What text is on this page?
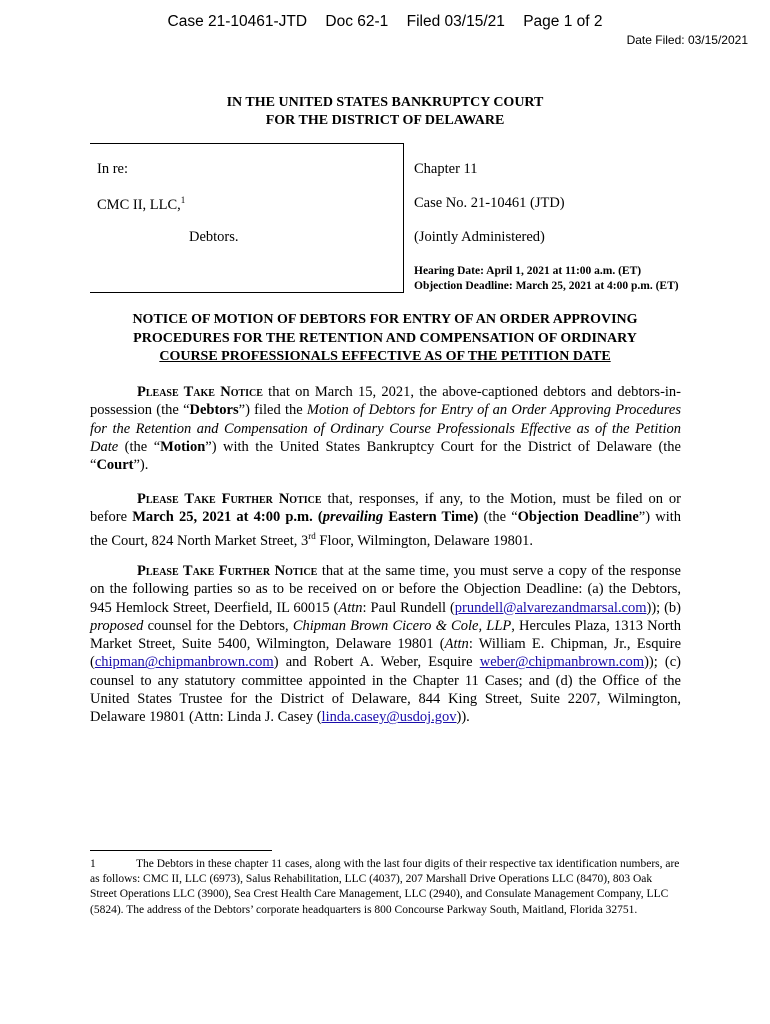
Case 21-10461-JTD Doc 62-1 Filed 03/15/21 Page 1 of 2
Date Filed: 03/15/2021
IN THE UNITED STATES BANKRUPTCY COURT
FOR THE DISTRICT OF DELAWARE
In re:
CMC II, LLC,$^1$
Debtors.
Chapter 11
Case No. 21-10461 (JTD)
(Jointly Administered)
Hearing Date: April 1, 2021 at 11:00 a.m. (ET)
Objection Deadline: March 25, 2021 at 4:00 p.m. (ET)
NOTICE OF MOTION OF DEBTORS FOR ENTRY OF AN ORDER APPROVING
PROCEDURES FOR THE RETENTION AND COMPENSATION OF ORDINARY
COURSE PROFESSIONALS EFFECTIVE AS OF THE PETITION DATE
Please Take Notice that on March 15, 2021, the above-captioned debtors and debtors-in-possession (the “Debtors”) filed the Motion of Debtors for Entry of an Order Approving Procedures for the Retention and Compensation of Ordinary Course Professionals Effective as of the Petition Date (the “Motion”) with the United States Bankruptcy Court for the District of Delaware (the “Court”).
Please Take Further Notice that, responses, if any, to the Motion, must be filed on or before March 25, 2021 at 4:00 p.m. (prevailing Eastern Time) (the “Objection Deadline”) with the Court, 824 North Market Street, 3rd Floor, Wilmington, Delaware 19801.
Please Take Further Notice that at the same time, you must serve a copy of the response on the following parties so as to be received on or before the Objection Deadline: (a) the Debtors, 945 Hemlock Street, Deerfield, IL 60015 (Attn: Paul Rundell (prundell@alvarezandmarsal.com)); (b) proposed counsel for the Debtors, Chipman Brown Cicero & Cole, LLP, Hercules Plaza, 1313 North Market Street, Suite 5400, Wilmington, Delaware 19801 (Attn: William E. Chipman, Jr., Esquire (chipman@chipmanbrown.com) and Robert A. Weber, Esquire weber@chipmanbrown.com)); (c) counsel to any statutory committee appointed in the Chapter 11 Cases; and (d) the Office of the United States Trustee for the District of Delaware, 844 King Street, Suite 2207, Wilmington, Delaware 19801 (Attn: Linda J. Casey (linda.casey@usdoj.gov)).
1	The Debtors in these chapter 11 cases, along with the last four digits of their respective tax identification numbers, are as follows: CMC II, LLC (6973), Salus Rehabilitation, LLC (4037), 207 Marshall Drive Operations LLC (8470), 803 Oak Street Operations LLC (3900), Sea Crest Health Care Management, LLC (2940), and Consulate Management Company, LLC (5824). The address of the Debtors’ corporate headquarters is 800 Concourse Parkway South, Maitland, Florida 32751.
